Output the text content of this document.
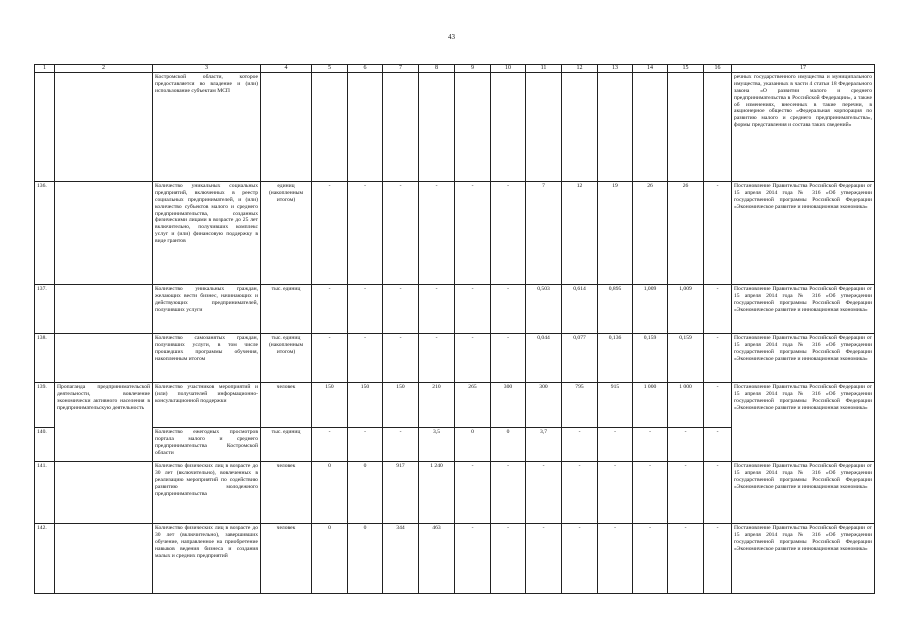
43
1	2	3	4	5	6	7	8	9	10	11	12	13	14	15	16	17
		Костромской области, которое предоставляется во владение и (или) использование субъектам МСП														речных государственного имущества и муниципального имущества, указанных в части 4 статьи 18 Федерального закона «О развитии малого и среднего предпринимательства в Российской Федерации», а также об изменениях, внесенных в такие перечни, в акционерное общество «Федеральная корпорация по развитию малого и среднего предпринимательства», формы представления и состава таких сведений»
136.		Количество уникальных социальных предприятий, включенных в реестр социальных предпринимателей, и (или) количество субъектов малого и среднего предпринимательства, созданных физическими лицами в возрасте до 25 лет включительно, получивших комплекс услуг и (или) финансовую поддержку в виде грантов	единиц (накопленным итогом)	-	-	-	-	-	-	7	12	19	26	26	-	Постановление Правительства Российской Федерации от 15 апреля 2014 года № 316 «Об утверждении государственной программы Российской Федерации «Экономическое развитие и инновационная экономика»
137.		Количество уникальных граждан, желающих вести бизнес, начинающих и действующих предпринимателей, получивших услуги	тыс. единиц	-	-	-	-	-	-	0,503	0,614	0,895	1,009	1,009	-	Постановление Правительства Российской Федерации от 15 апреля 2014 года № 316 «Об утверждении государственной программы Российской Федерации «Экономическое развитие и инновационная экономика»
138.		Количество самозанятых граждан, получивших услуги, в том числе прошедших программы обучения, накопленным итогом	тыс. единиц (накопленным итогом)	-	-	-	-	-	-	0,044	0,077	0,136	0,159	0,159	-	Постановление Правительства Российской Федерации от 15 апреля 2014 года № 316 «Об утверждении государственной программы Российской Федерации «Экономическое развитие и инновационная экономика»
139.	Пропаганда предпринимательской деятельности, вовлечение экономически активного населения в предпринимательскую деятельность	Количество участников мероприятий и (или) получателей информационно-консультационной поддержки	человек	150	150	150	210	265	300	300	795	915	1 000	1 000	-	Постановление Правительства Российской Федерации от 15 апреля 2014 года № 316 «Об утверждении государственной программы Российской Федерации «Экономическое развитие и инновационная экономика»
140.		Количество ежегодных просмотров портала малого и среднего предпринимательства Костромской области	тыс. единиц	-	-	-	3,5	0	0	3,7	-	-	-	-	-	
141.		Количество физических лиц в возрасте до 30 лет (включительно), вовлеченных в реализацию мероприятий по содействию развитию молодежного предпринимательства	человек	0	0	917	1 240	-	-	-	-	-	-	-	-	Постановление Правительства Российской Федерации от 15 апреля 2014 года № 316 «Об утверждении государственной программы Российской Федерации «Экономическое развитие и инновационная экономика»
142.		Количество физических лиц в возрасте до 30 лет (включительно), завершивших обучение, направленное на приобретение навыков ведения бизнеса и создания малых и средних предприятий	человек	0	0	344	463	-	-	-	-	-	-	-	-	Постановление Правительства Российской Федерации от 15 апреля 2014 года № 316 «Об утверждении государственной программы Российской Федерации «Экономическое развитие и инновационная экономика»
